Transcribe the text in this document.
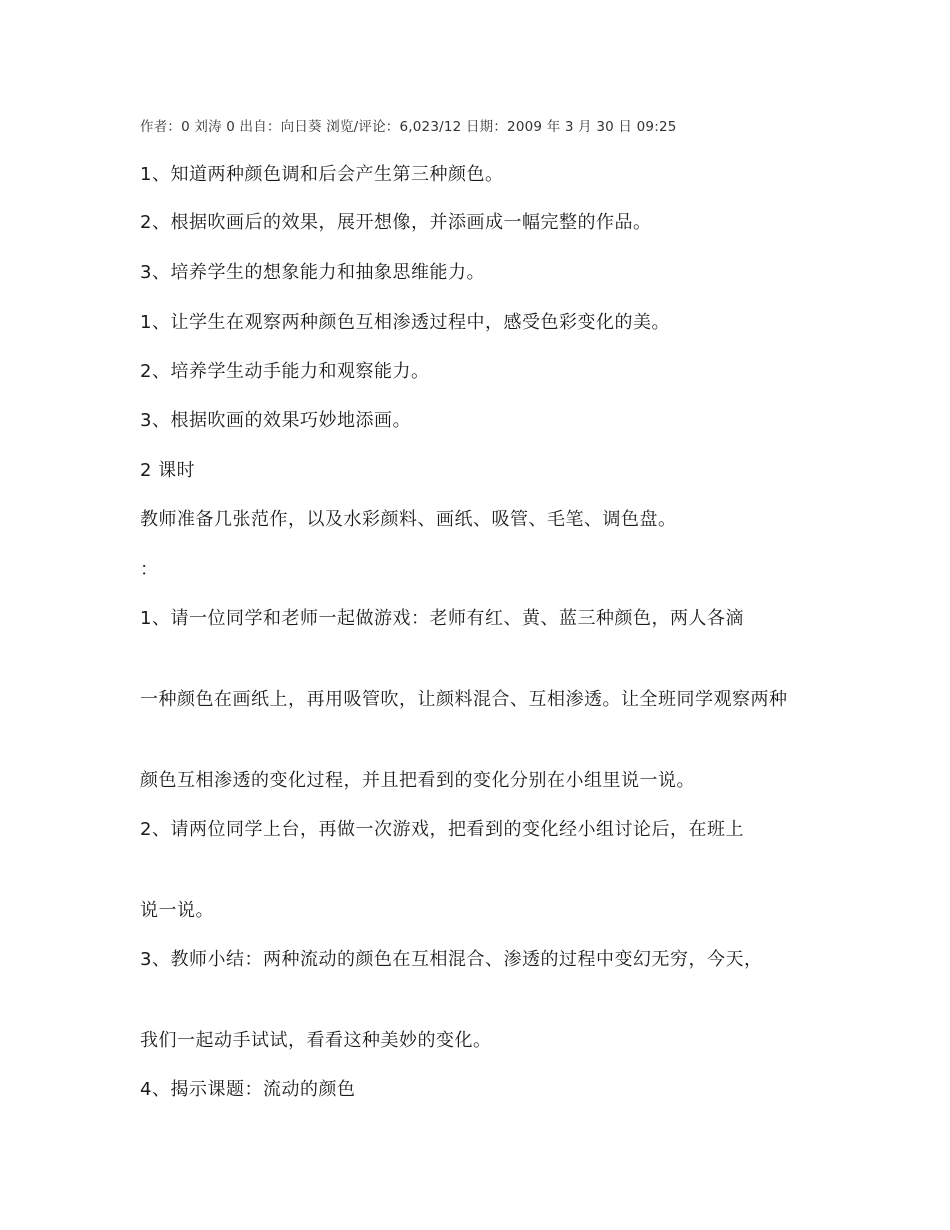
作者：0 刘涛 0 出自：向日葵 浏览/评论：6,023/12 日期：2009 年 3 月 30 日 09:25

1、知道两种颜色调和后会产生第三种颜色。

2、根据吹画后的效果，展开想像，并添画成一幅完整的作品。

3、培养学生的想象能力和抽象思维能力。

1、让学生在观察两种颜色互相渗透过程中，感受色彩变化的美。

2、培养学生动手能力和观察能力。

3、根据吹画的效果巧妙地添画。

2 课时

教师准备几张范作，以及水彩颜料、画纸、吸管、毛笔、调色盘。

：

1、请一位同学和老师一起做游戏：老师有红、黄、蓝三种颜色，两人各滴

一种颜色在画纸上，再用吸管吹，让颜料混合、互相渗透。让全班同学观察两种

颜色互相渗透的变化过程，并且把看到的变化分别在小组里说一说。

2、请两位同学上台，再做一次游戏，把看到的变化经小组讨论后，在班上

说一说。

3、教师小结：两种流动的颜色在互相混合、渗透的过程中变幻无穷，今天，

我们一起动手试试，看看这种美妙的变化。

4、揭示课题：流动的颜色
